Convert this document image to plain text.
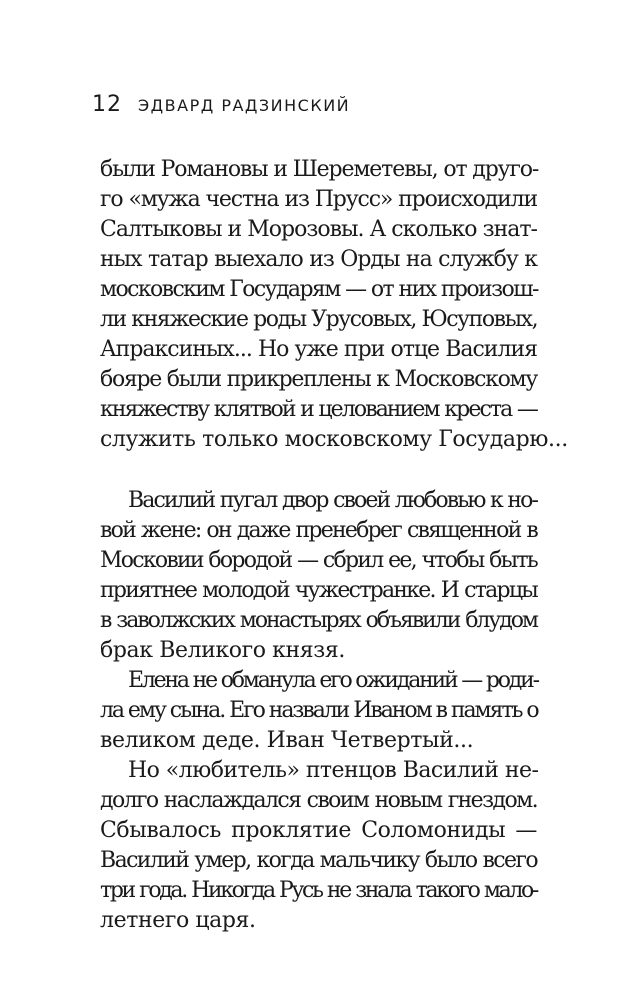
12 ЭДВАРД РАДЗИНСКИЙ
были Романовы и Шереметевы, от друго-
го «мужа честна из Прусс» происходили
Салтыковы и Морозовы. А сколько знат-
ных татар выехало из Орды на службу к
московским Государям — от них произош-
ли княжеские роды Урусовых, Юсуповых,
Апраксиных... Но уже при отце Василия
бояре были прикреплены к Московскому
княжеству клятвой и целованием креста —
служить только московскому Государю...
Василий пугал двор своей любовью к но-
вой жене: он даже пренебрег священной в
Московии бородой — сбрил ее, чтобы быть
приятнее молодой чужестранке. И старцы
в заволжских монастырях объявили блудом
брак Великого князя.
Елена не обманула его ожиданий — роди-
ла ему сына. Его назвали Иваном в память о
великом деде. Иван Четвертый...
Но «любитель» птенцов Василий не-
долго наслаждался своим новым гнездом.
Сбывалось проклятие Соломониды —
Василий умер, когда мальчику было всего
три года. Никогда Русь не знала такого мало-
летнего царя.
